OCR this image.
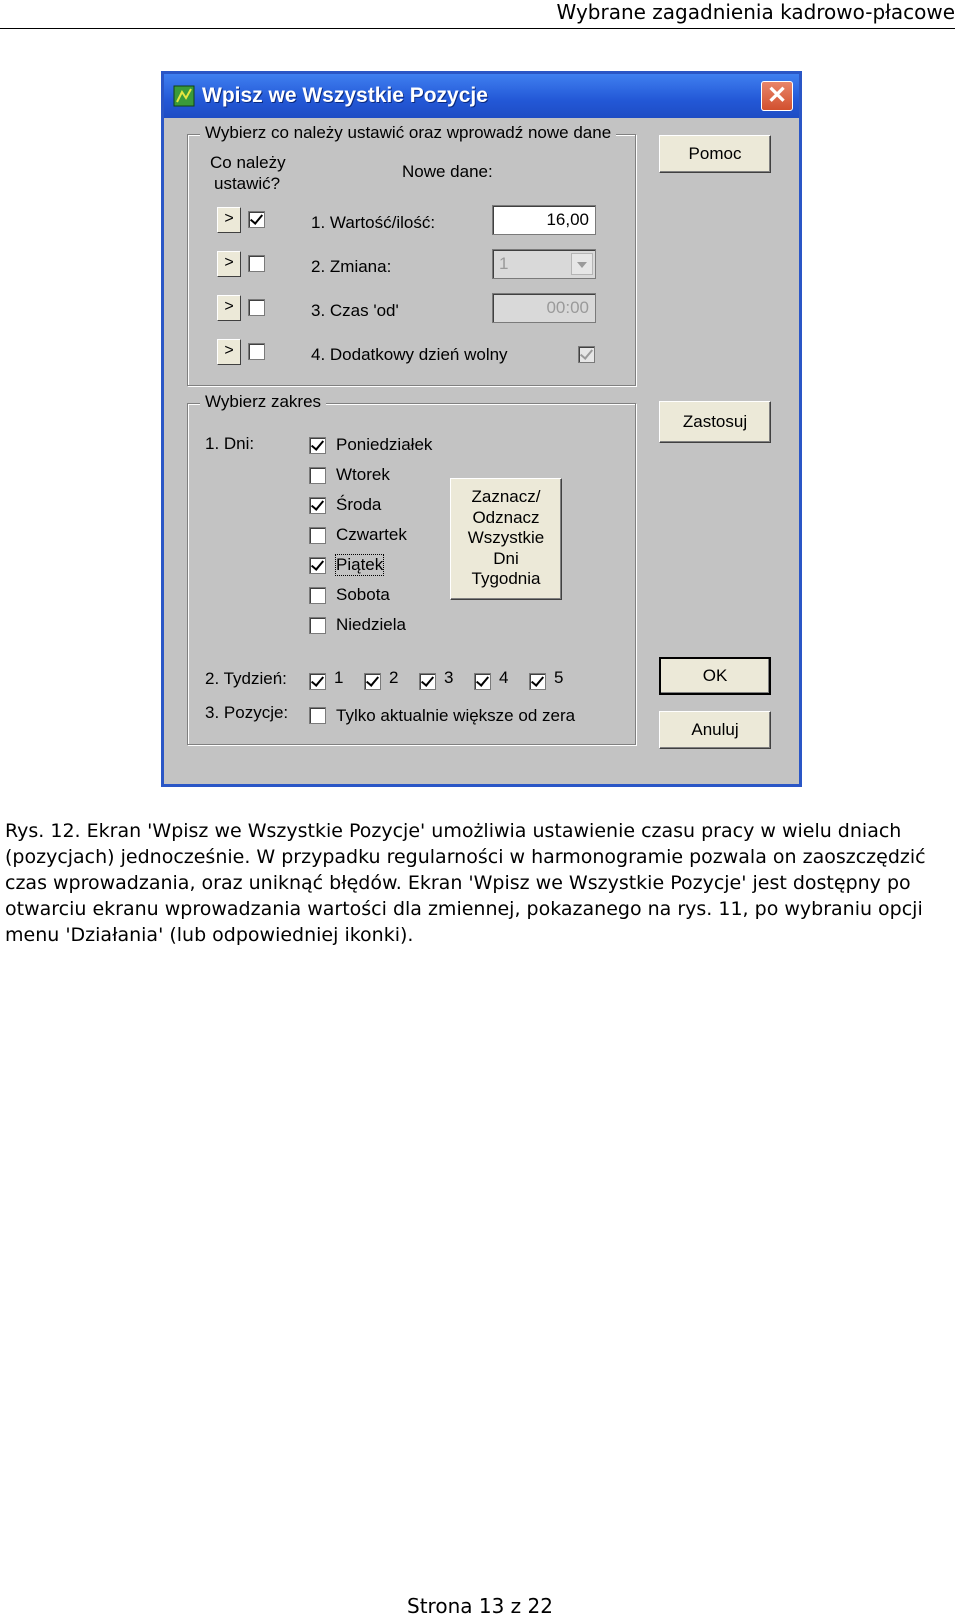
Wybrane zagadnienia kadrowo-płacowe
Wpisz we Wszystkie Pozycje	✕
Wybierz co należy ustawić oraz wprowadź nowe dane
Co należy
ustawić?
Nowe dane:
>	1. Wartość/ilość:	16,00
>	2. Zmiana:	1
>	3. Czas 'od'	00:00
>	4. Dodatkowy dzień wolny
Wybierz zakres
1. Dni:	Poniedziałek
Wtorek
Środa
Czwartek
Piątek
Sobota
Niedziela
Zaznacz/
Odznacz
Wszystkie
Dni
Tygodnia
2. Tydzień:	1	2	3	4	5
3. Pozycje:	Tylko aktualnie większe od zera
Pomoc
Zastosuj
OK
Anuluj

Rys. 12. Ekran 'Wpisz we Wszystkie Pozycje' umożliwia ustawienie czasu pracy w wielu dniach (pozycjach) jednocześnie. W przypadku regularności w harmonogramie pozwala on zaoszczędzić czas wprowadzania, oraz uniknąć błędów. Ekran 'Wpisz we Wszystkie Pozycje' jest dostępny po otwarciu ekranu wprowadzania wartości dla zmiennej, pokazanego na rys. 11, po wybraniu opcji menu 'Działania' (lub odpowiedniej ikonki).

Strona 13 z 22
